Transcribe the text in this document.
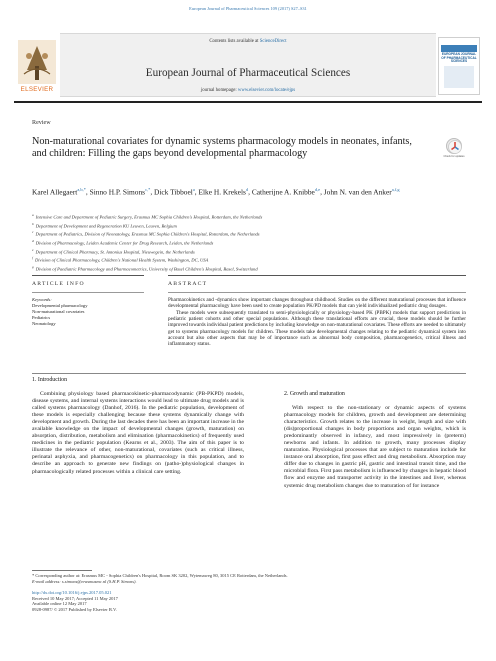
European Journal of Pharmaceutical Sciences 109 (2017) S27–S31
ELSEVIER
Contents lists available at ScienceDirect
European Journal of Pharmaceutical Sciences
journal homepage: www.elsevier.com/locate/ejps
EUROPEAN JOURNAL OF PHARMACEUTICAL SCIENCES
Review
Non-maturational covariates for dynamic systems pharmacology models in neonates, infants, and children: Filling the gaps beyond developmental pharmacology	Check for updates
Karel Allegaert$^{a,b,*}$, Sinno H.P. Simons$^{c,*}$, Dick Tibboel$^a$, Elke H. Krekels$^d$, Catherijne A. Knibbe$^{d,e}$, John N. van den Anker$^{a,f,g}$
$^a$ Intensive Care and Department of Pediatric Surgery, Erasmus MC Sophia Children's Hospital, Rotterdam, the Netherlands
$^b$ Department of Development and Regeneration KU Leuven, Leuven, Belgium
$^c$ Department of Pediatrics, Division of Neonatology, Erasmus MC Sophia Children's Hospital, Rotterdam, the Netherlands
$^d$ Division of Pharmacology, Leiden Academic Center for Drug Research, Leiden, the Netherlands
$^e$ Department of Clinical Pharmacy, St. Antonius Hospital, Nieuwegein, the Netherlands
$^f$ Division of Clinical Pharmacology, Children's National Health System, Washington, DC, USA
$^g$ Division of Paediatric Pharmacology and Pharmacometrics, University of Basel Children's Hospital, Basel, Switzerland
ARTICLE INFO	ABSTRACT
Keywords:
Developmental pharmacology
Non-maturational covariates
Pediatrics
Neonatology

Pharmacokinetics and -dynamics show important changes throughout childhood. Studies on the different maturational processes that influence developmental pharmacology have been used to create population PK/PD models that can yield individualized pediatric drug dosages.

These models were subsequently translated to semi-physiologically or physiology-based PK (PBPK) models that support predictions in pediatric patient cohorts and other special populations. Although these translational efforts are crucial, these models should be further improved towards individual patient predictions by including knowledge on non-maturational covariates. These efforts are needed to ultimately get to systems pharmacology models for children. These models take developmental changes relating to the pediatric dynamical system into account but also other aspects that may be of importance such as abnormal body composition, pharmacogenetics, critical illness and inflammatory status.

1. Introduction

Combining physiology based pharmacokinetic-pharmacodynamic (PB-PKPD) models, disease systems, and internal systems interactions would lead to ultimate drug models and is called systems pharmacology (Danhof, 2016). In the pediatric population, development of these models is especially challenging because these systems dynamically change with development and growth. During the last decades there has been an important increase in the available knowledge on the impact of developmental changes (growth, maturation) on absorption, distribution, metabolism and elimination (pharmacokinetics) of frequently used medicines in the pediatric population (Kearns et al., 2003). The aim of this paper is to illustrate the relevance of other, non-maturational, covariates (such as critical illness, perinatal asphyxia, and pharmacogenetics) on pharmacology in this population, and to describe an approach to generate new findings on (patho-)physiological changes in pharmacologically related processes within a clinical care setting.

2. Growth and maturation

With respect to the non-stationary or dynamic aspects of systems pharmacology models for children, growth and development are determining characteristics. Growth relates to the increase in weight, length and size with (dis)proportional changes in body proportions and organ weights, which is predominantly observed in infancy, and most impressively in (preterm) newborns and infants. In addition to growth, many processes display maturation. Physiological processes that are subject to maturation include for instance oral absorption, first pass effect and drug metabolism. Absorption may differ due to changes in gastric pH, gastric and intestinal transit time, and the microbial flora. First pass metabolism is influenced by changes in hepatic blood flow and enzyme and transporter activity in the intestines and liver, whereas systemic drug metabolism changes due to maturation of for instance

* Corresponding author at: Erasmus MC - Sophia Children's Hospital, Room SK 3202, Wytemaweg 80, 3015 CE Rotterdam, the Netherlands.
E-mail address: s.simons@erasmusmc.nl (S.H.P. Simons).
http://dx.doi.org/10.1016/j.ejps.2017.05.021
Received 10 May 2017; Accepted 11 May 2017
Available online 12 May 2017
0928-0987/ © 2017 Published by Elsevier B.V.
